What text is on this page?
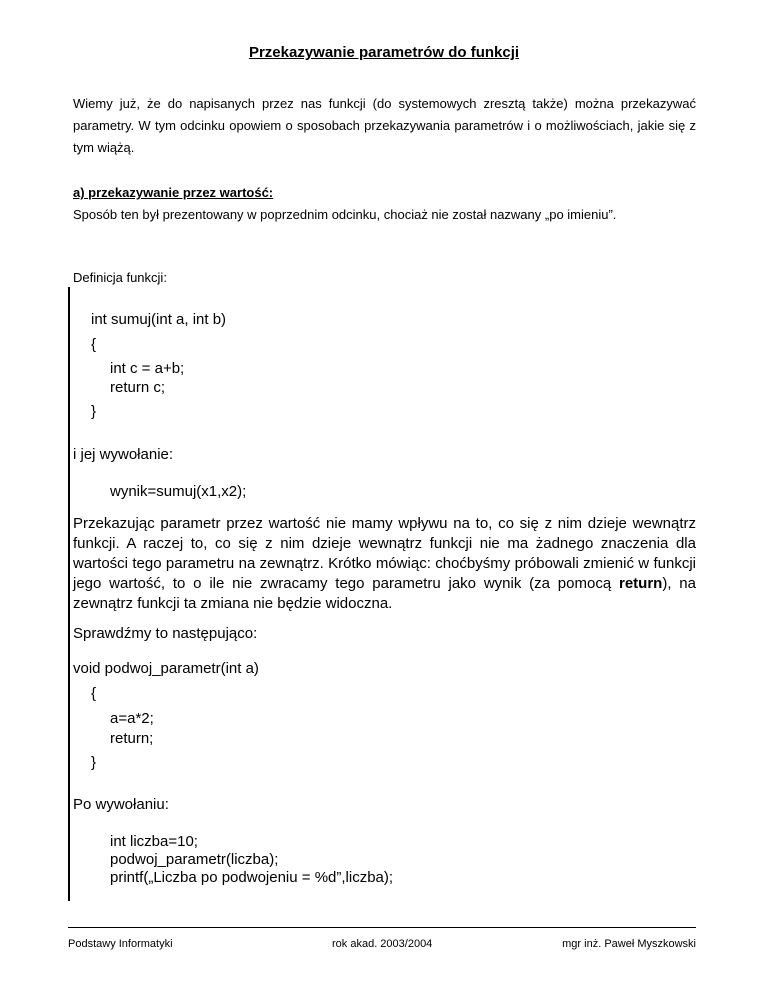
Przekazywanie parametrów do funkcji
Wiemy już, że do napisanych przez nas funkcji (do systemowych zresztą także) można przekazywać parametry. W tym odcinku opowiem o sposobach przekazywania parametrów i o możliwościach, jakie się z tym wiążą.
a) przekazywanie przez wartość:
Sposób ten był prezentowany w poprzednim odcinku, chociaż nie został nazwany „po imieniu”.
Definicja funkcji:
int sumuj(int a, int b)
{
int c = a+b;
return c;
}
i jej wywołanie:
wynik=sumuj(x1,x2);
Przekazując parametr przez wartość nie mamy wpływu na to, co się z nim dzieje wewnątrz funkcji. A raczej to, co się z nim dzieje wewnątrz funkcji nie ma żadnego znaczenia dla wartości tego parametru na zewnątrz. Krótko mówiąc: choćbyśmy próbowali zmienić w funkcji jego wartość, to o ile nie zwracamy tego parametru jako wynik (za pomocą return), na zewnątrz funkcji ta zmiana nie będzie widoczna.
Sprawdźmy to następująco:
void podwoj_parametr(int a)
{
a=a*2;
return;
}
Po wywołaniu:
int liczba=10;
podwoj_parametr(liczba);
printf(„Liczba po podwojeniu = %d”,liczba);
Podstawy Informatyki	rok akad. 2003/2004	mgr inż. Paweł Myszkowski
